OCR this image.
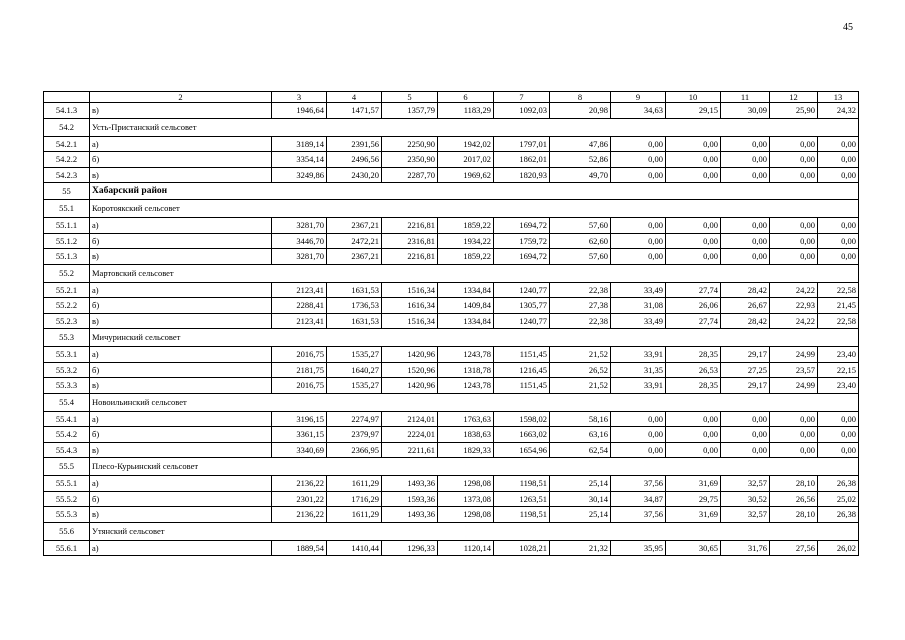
45
	2	3	4	5	6	7	8	9	10	11	12	13
54.1.3	в)	1946,64	1471,57	1357,79	1183,29	1092,03	20,98	34,63	29,15	30,09	25,90	24,32
54.2	Усть-Пристанский сельсовет											
54.2.1	а)	3189,14	2391,56	2250,90	1942,02	1797,01	47,86	0,00	0,00	0,00	0,00	0,00
54.2.2	б)	3354,14	2496,56	2350,90	2017,02	1862,01	52,86	0,00	0,00	0,00	0,00	0,00
54.2.3	в)	3249,86	2430,20	2287,70	1969,62	1820,93	49,70	0,00	0,00	0,00	0,00	0,00
55	Хабарский район											
55.1	Коротоякский сельсовет											
55.1.1	а)	3281,70	2367,21	2216,81	1859,22	1694,72	57,60	0,00	0,00	0,00	0,00	0,00
55.1.2	б)	3446,70	2472,21	2316,81	1934,22	1759,72	62,60	0,00	0,00	0,00	0,00	0,00
55.1.3	в)	3281,70	2367,21	2216,81	1859,22	1694,72	57,60	0,00	0,00	0,00	0,00	0,00
55.2	Мартовский сельсовет											
55.2.1	а)	2123,41	1631,53	1516,34	1334,84	1240,77	22,38	33,49	27,74	28,42	24,22	22,58
55.2.2	б)	2288,41	1736,53	1616,34	1409,84	1305,77	27,38	31,08	26,06	26,67	22,93	21,45
55.2.3	в)	2123,41	1631,53	1516,34	1334,84	1240,77	22,38	33,49	27,74	28,42	24,22	22,58
55.3	Мичуринский сельсовет											
55.3.1	а)	2016,75	1535,27	1420,96	1243,78	1151,45	21,52	33,91	28,35	29,17	24,99	23,40
55.3.2	б)	2181,75	1640,27	1520,96	1318,78	1216,45	26,52	31,35	26,53	27,25	23,57	22,15
55.3.3	в)	2016,75	1535,27	1420,96	1243,78	1151,45	21,52	33,91	28,35	29,17	24,99	23,40
55.4	Новоильинский сельсовет											
55.4.1	а)	3196,15	2274,97	2124,01	1763,63	1598,02	58,16	0,00	0,00	0,00	0,00	0,00
55.4.2	б)	3361,15	2379,97	2224,01	1838,63	1663,02	63,16	0,00	0,00	0,00	0,00	0,00
55.4.3	в)	3340,69	2366,95	2211,61	1829,33	1654,96	62,54	0,00	0,00	0,00	0,00	0,00
55.5	Плесо-Курьинский сельсовет											
55.5.1	а)	2136,22	1611,29	1493,36	1298,08	1198,51	25,14	37,56	31,69	32,57	28,10	26,38
55.5.2	б)	2301,22	1716,29	1593,36	1373,08	1263,51	30,14	34,87	29,75	30,52	26,56	25,02
55.5.3	в)	2136,22	1611,29	1493,36	1298,08	1198,51	25,14	37,56	31,69	32,57	28,10	26,38
55.6	Утянский сельсовет											
55.6.1	а)	1889,54	1410,44	1296,33	1120,14	1028,21	21,32	35,95	30,65	31,76	27,56	26,02
